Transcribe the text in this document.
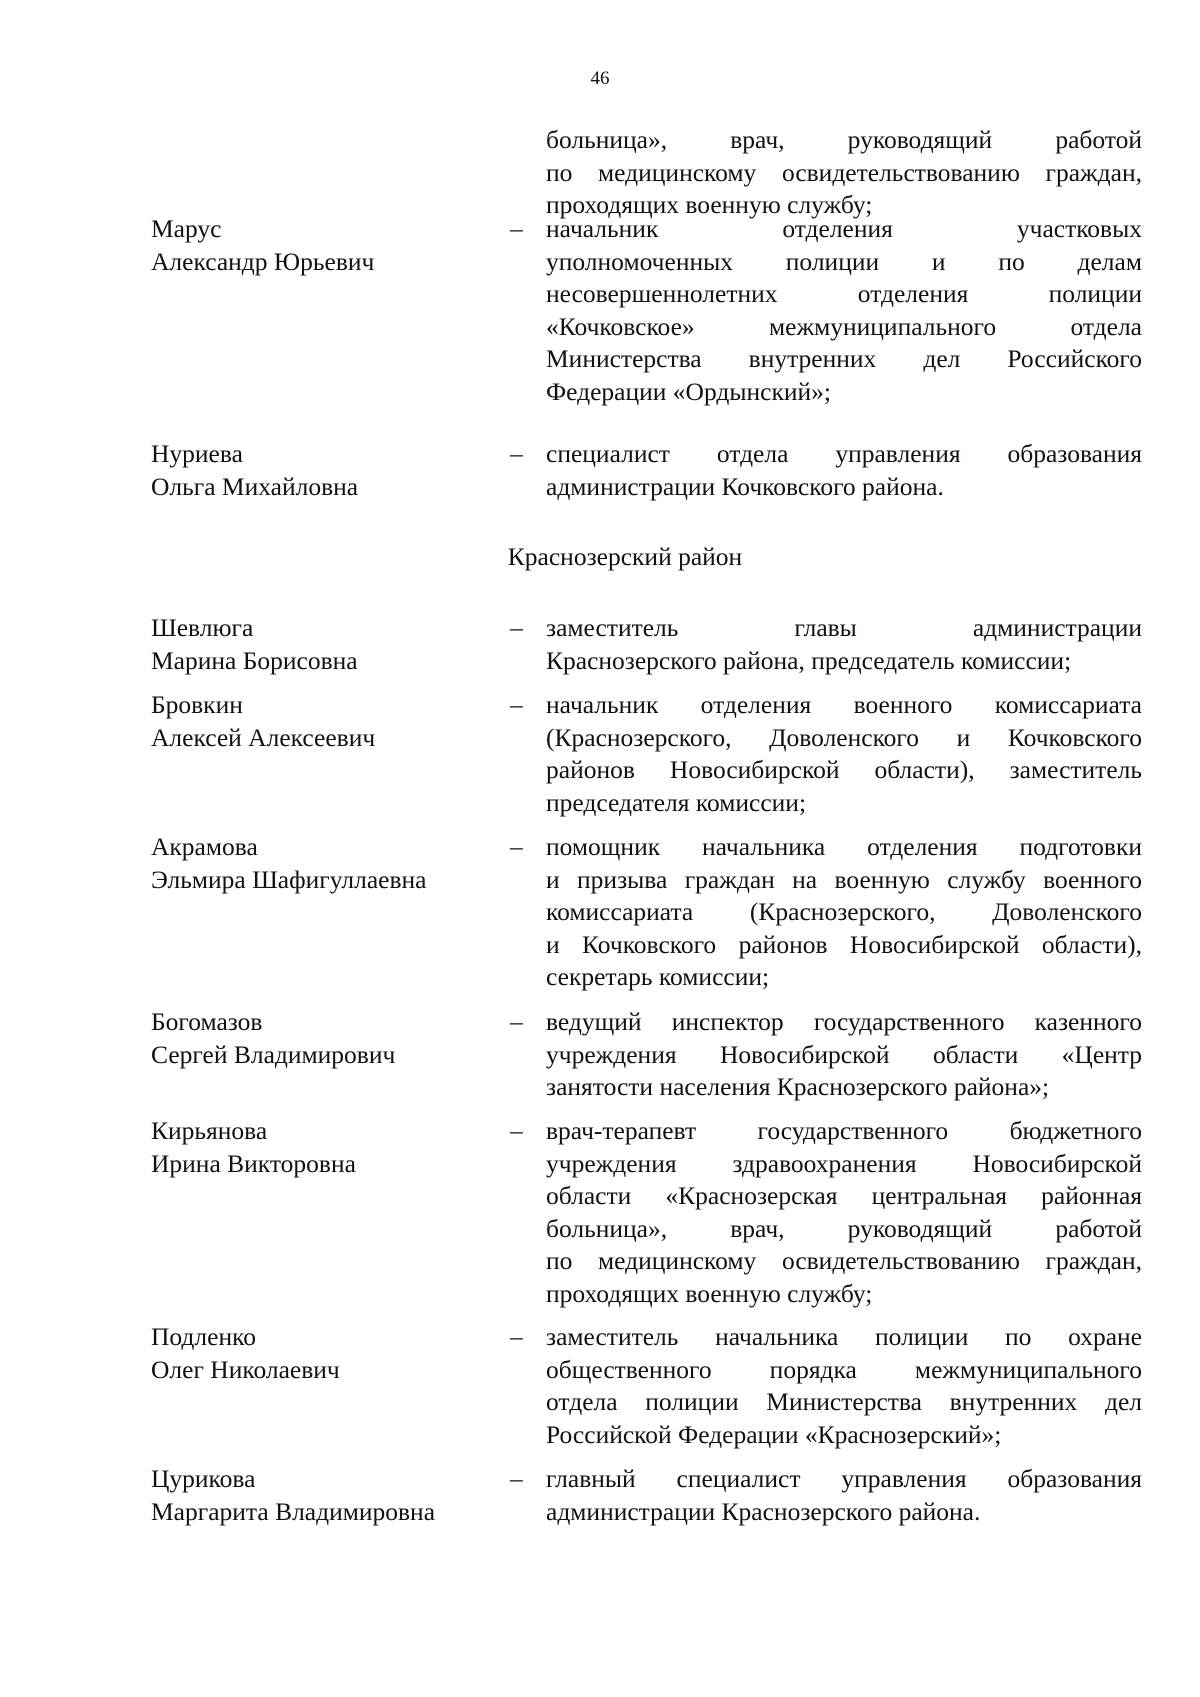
46
больница», врач, руководящий работой
по медицинскому освидетельствованию граждан,
проходящих военную службу;
Марус
Александр Юрьевич
– начальник отделения участковых
уполномоченных полиции и по делам
несовершеннолетних отделения полиции
«Кочковское» межмуниципального отдела
Министерства внутренних дел Российского
Федерации «Ордынский»;
Нуриева
Ольга Михайловна
– специалист отдела управления образования
администрации Кочковского района.
Краснозерский район
Шевлюга
Марина Борисовна
– заместитель главы администрации
Краснозерского района, председатель комиссии;
Бровкин
Алексей Алексеевич
– начальник отделения военного комиссариата
(Краснозерского, Доволенского и Кочковского
районов Новосибирской области), заместитель
председателя комиссии;
Акрамова
Эльмира Шафигуллаевна
– помощник начальника отделения подготовки
и призыва граждан на военную службу военного
комиссариата (Краснозерского, Доволенского
и Кочковского районов Новосибирской области),
секретарь комиссии;
Богомазов
Сергей Владимирович
– ведущий инспектор государственного казенного
учреждения Новосибирской области «Центр
занятости населения Краснозерского района»;
Кирьянова
Ирина Викторовна
– врач-терапевт государственного бюджетного
учреждения здравоохранения Новосибирской
области «Краснозерская центральная районная
больница», врач, руководящий работой
по медицинскому освидетельствованию граждан,
проходящих военную службу;
Подленко
Олег Николаевич
– заместитель начальника полиции по охране
общественного порядка межмуниципального
отдела полиции Министерства внутренних дел
Российской Федерации «Краснозерский»;
Цурикова
Маргарита Владимировна
– главный специалист управления образования
администрации Краснозерского района.
